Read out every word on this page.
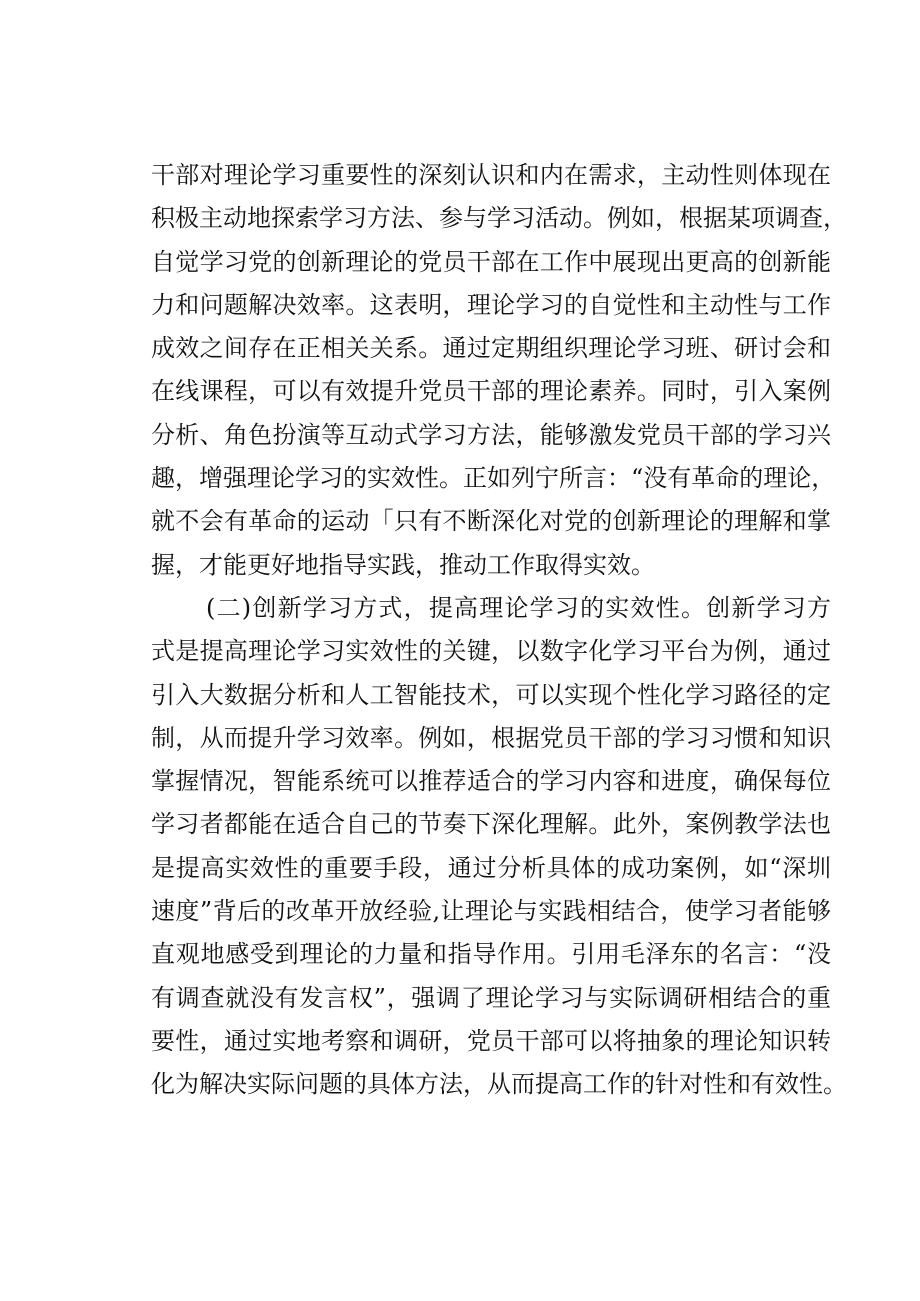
干部对理论学习重要性的深刻认识和内在需求，主动性则体现在
积极主动地探索学习方法、参与学习活动。例如，根据某项调查，
自觉学习党的创新理论的党员干部在工作中展现出更高的创新能
力和问题解决效率。这表明，理论学习的自觉性和主动性与工作
成效之间存在正相关关系。通过定期组织理论学习班、研讨会和
在线课程，可以有效提升党员干部的理论素养。同时，引入案例
分析、角色扮演等互动式学习方法，能够激发党员干部的学习兴
趣，增强理论学习的实效性。正如列宁所言：“没有革命的理论，
就不会有革命的运动「只有不断深化对党的创新理论的理解和掌
握，才能更好地指导实践，推动工作取得实效。
(二)创新学习方式，提高理论学习的实效性。创新学习方
式是提高理论学习实效性的关键，以数字化学习平台为例，通过
引入大数据分析和人工智能技术，可以实现个性化学习路径的定
制，从而提升学习效率。例如，根据党员干部的学习习惯和知识
掌握情况，智能系统可以推荐适合的学习内容和进度，确保每位
学习者都能在适合自己的节奏下深化理解。此外，案例教学法也
是提高实效性的重要手段，通过分析具体的成功案例，如“深圳
速度”背后的改革开放经验,让理论与实践相结合，使学习者能够
直观地感受到理论的力量和指导作用。引用毛泽东的名言：“没
有调查就没有发言权”，强调了理论学习与实际调研相结合的重
要性，通过实地考察和调研，党员干部可以将抽象的理论知识转
化为解决实际问题的具体方法，从而提高工作的针对性和有效性。
